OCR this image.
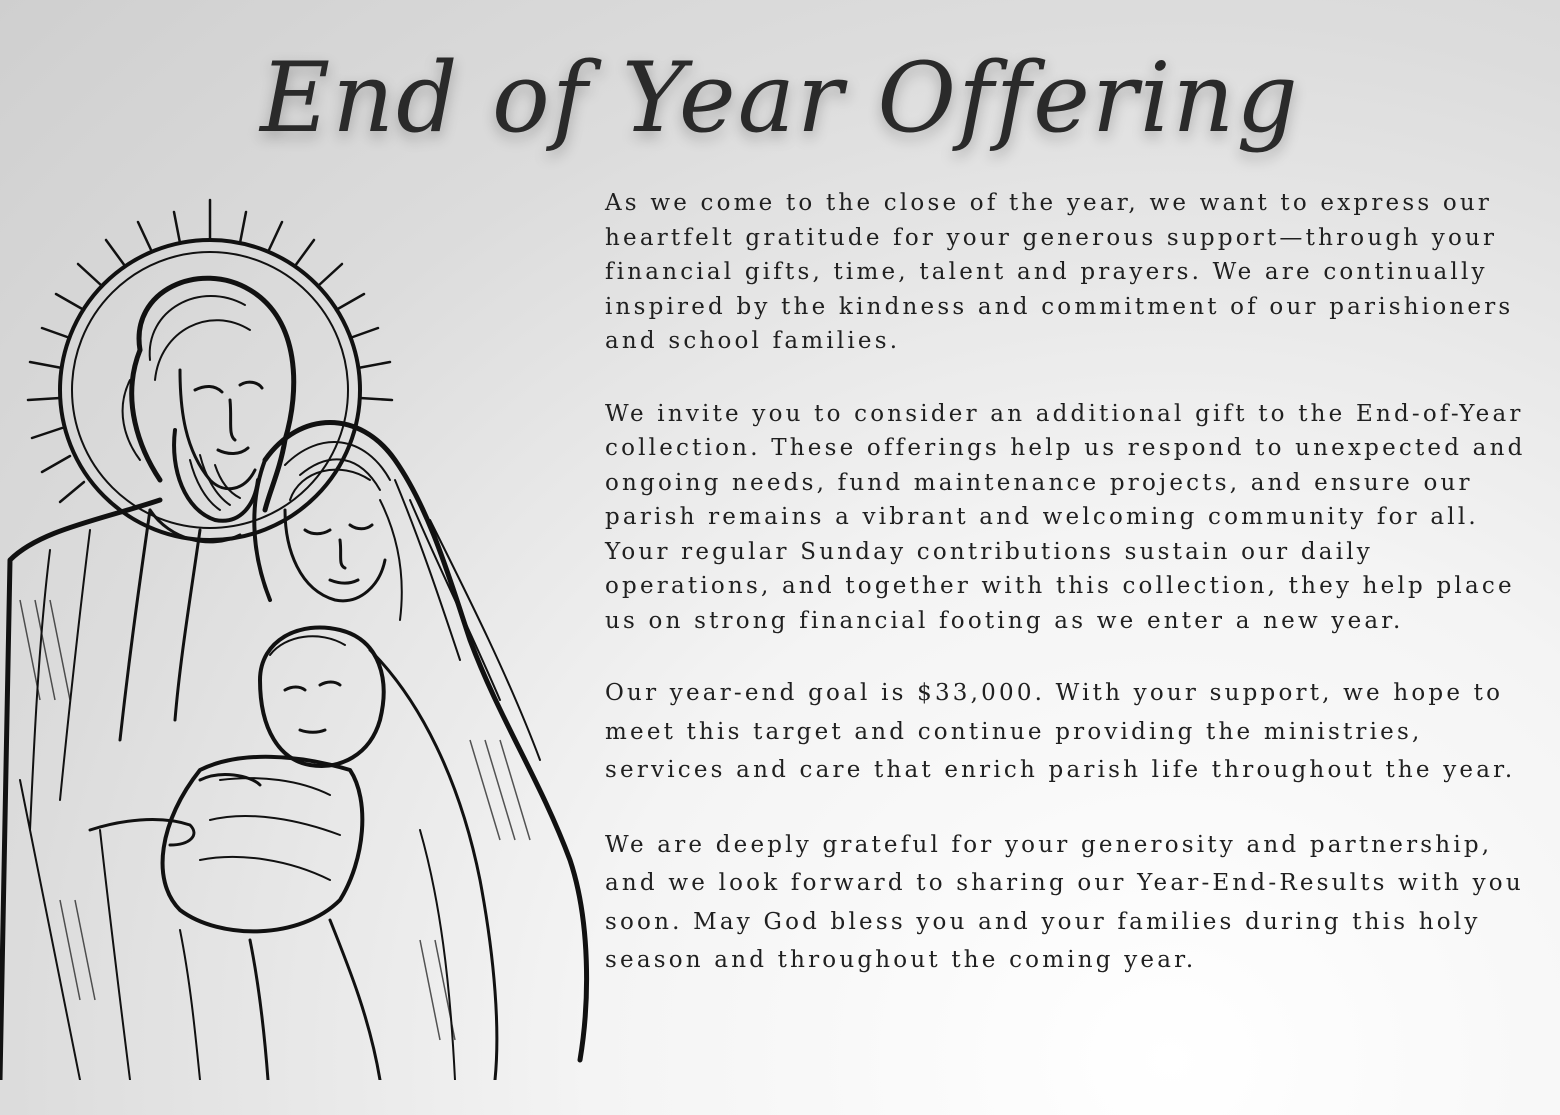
End of Year Offering

As we come to the close of the year, we want to express our heartfelt gratitude for your generous support—through your financial gifts, time, talent and prayers. We are continually inspired by the kindness and commitment of our parishioners and school families.

We invite you to consider an additional gift to the End-of-Year collection. These offerings help us respond to unexpected and ongoing needs, fund maintenance projects, and ensure our parish remains a vibrant and welcoming community for all. Your regular Sunday contributions sustain our daily operations, and together with this collection, they help place us on strong financial footing as we enter a new year.

Our year-end goal is $33,000. With your support, we hope to meet this target and continue providing the ministries, services and care that enrich parish life throughout the year.

We are deeply grateful for your generosity and partnership, and we look forward to sharing our Year-End-Results with you soon. May God bless you and your families during this holy season and throughout the coming year.
